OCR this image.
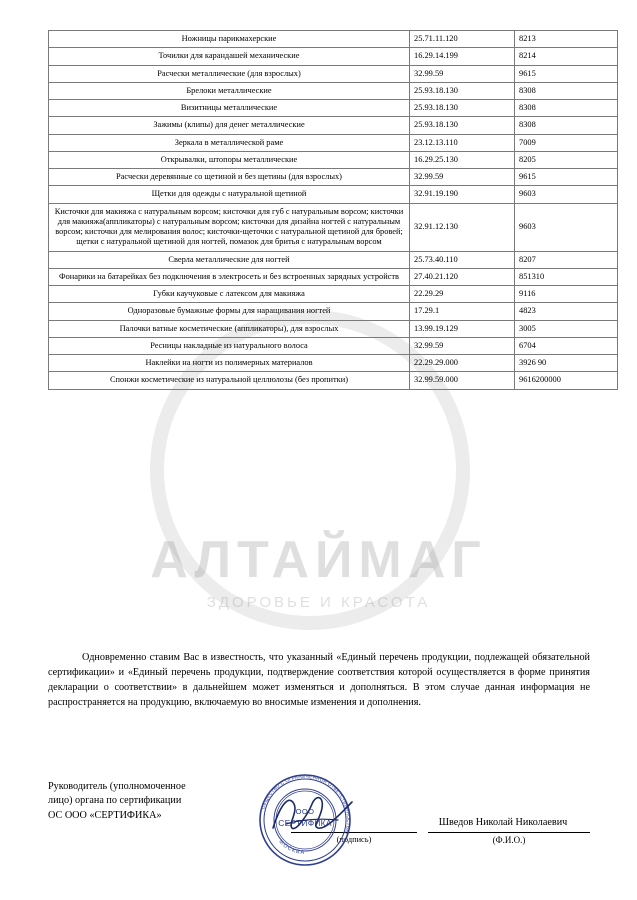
АЛТАЙМАГ
ЗДОРОВЬЕ И КРАСОТА
Ножницы парикмахерские	25.71.11.120	8213
Точилки для карандашей механические	16.29.14.199	8214
Расчески металлические (для взрослых)	32.99.59	9615
Брелоки металлические	25.93.18.130	8308
Визитницы металлические	25.93.18.130	8308
Зажимы (клипы) для денег металлические	25.93.18.130	8308
Зеркала в металлической раме	23.12.13.110	7009
Открывалки, штопоры металлические	16.29.25.130	8205
Расчески деревянные со щетиной и без щетины (для взрослых)	32.99.59	9615
Щетки для одежды с натуральной щетиной	32.91.19.190	9603
Кисточки для макияжа с натуральным ворсом; кисточки для губ с натуральным ворсом; кисточки для макияжа(аппликаторы) с натуральным ворсом; кисточки для дизайна ногтей с натуральным ворсом; кисточки для мелирования волос; кисточки-щеточки с натуральной щетиной для бровей; щетки с натуральной щетиной для ногтей, помазок для бритья с натуральным ворсом	32.91.12.130	9603
Сверла металлические для ногтей	25.73.40.110	8207
Фонарики на батарейках без подключения в электросеть и без встроенных зарядных устройств	27.40.21.120	851310
Губки каучуковые с латексом для макияжа	22.29.29	9116
Одноразовые бумажные формы для наращивания ногтей	17.29.1	4823
Палочки ватные косметические (аппликаторы), для взрослых	13.99.19.129	3005
Ресницы накладные из натурального волоса	32.99.59	6704
Наклейки на ногти из полимерных материалов	22.29.29.000	3926 90
Спонжи косметические из натуральной целлюлозы (без пропитки)	32.99.59.000	9616200000
Одновременно ставим Вас в известность, что указанный «Единый перечень продукции, подлежащей обязательной сертификации» и «Единый перечень продукции, подтверждение соответствия которой осуществляется в форме принятия декларации о соответствии» в дальнейшем может изменяться и дополняться. В этом случае данная информация не распространяется на продукцию, включаемую во вносимые изменения и дополнения.
Руководитель (уполномоченное
лицо) органа по сертификации
ОС ООО «СЕРТИФИКА»
Шведов Николай Николаевич
(подпись)	(Ф.И.О.)
ОБЩЕСТВО С ОГРАНИЧЕННОЙ ОТВЕТСТВЕННОСТЬЮ
МОСКВА
ООО
СЕРТИФИКА
